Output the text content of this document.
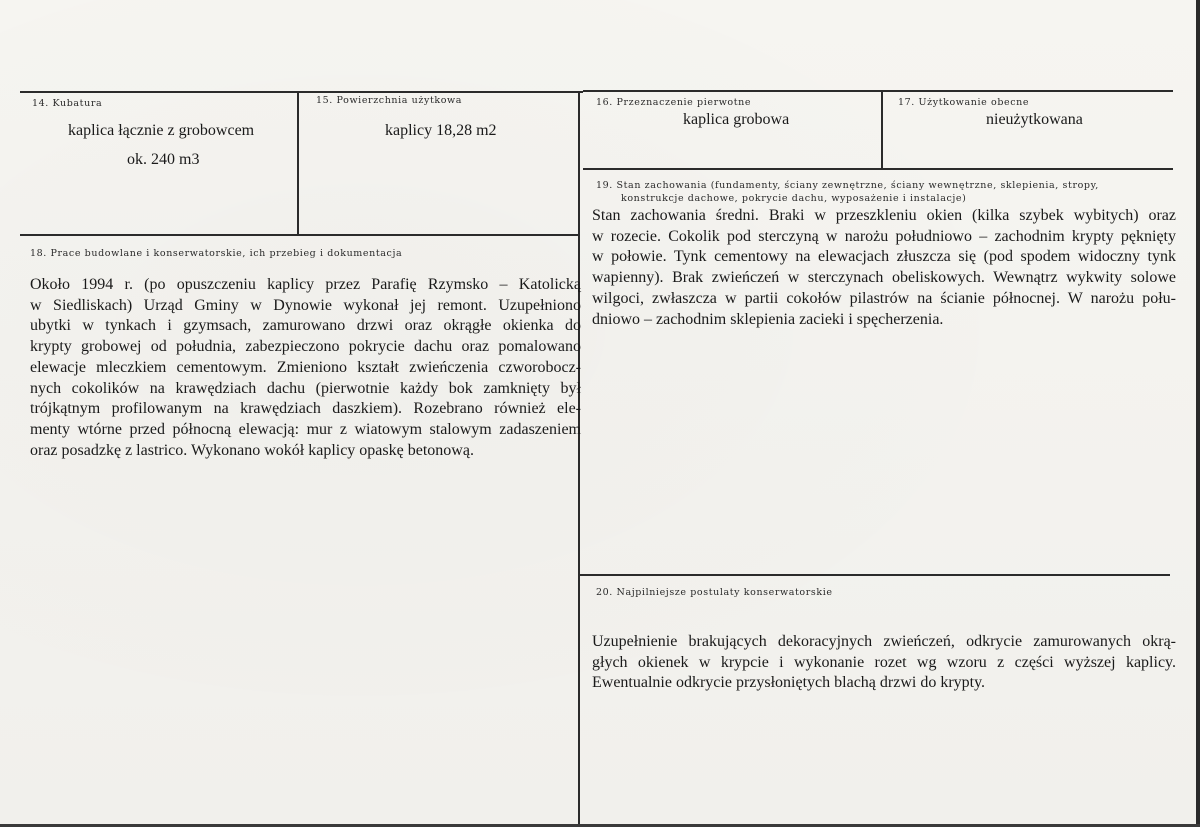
14. Kubatura
kaplica łącznie z grobowcem
ok. 240 m3
15. Powierzchnia użytkowa
kaplicy 18,28 m2
16. Przeznaczenie pierwotne
kaplica grobowa
17. Użytkowanie obecne
nieużytkowana
19. Stan zachowania (fundamenty, ściany zewnętrzne, ściany wewnętrzne, sklepienia, stropy,
konstrukcje dachowe, pokrycie dachu, wyposażenie i instalacje)
Stan zachowania średni. Braki w przeszkleniu okien (kilka szybek wybitych) oraz
w rozecie. Cokolik pod sterczyną w narożu południowo – zachodnim krypty pęknięty
w połowie. Tynk cementowy na elewacjach złuszcza się (pod spodem widoczny tynk
wapienny). Brak zwieńczeń w sterczynach obeliskowych. Wewnątrz wykwity solowe
wilgoci, zwłaszcza w partii cokołów pilastrów na ścianie północnej. W narożu połu-
dniowo – zachodnim sklepienia zacieki i spęcherzenia.
18. Prace budowlane i konserwatorskie, ich przebieg i dokumentacja
Około 1994 r. (po opuszczeniu kaplicy przez Parafię Rzymsko – Katolicką
w Siedliskach) Urząd Gminy w Dynowie wykonał jej remont. Uzupełniono
ubytki w tynkach i gzymsach, zamurowano drzwi oraz okrągłe okienka do
krypty grobowej od południa, zabezpieczono pokrycie dachu oraz pomalowano
elewacje mleczkiem cementowym. Zmieniono kształt zwieńczenia czworobocz-
nych cokolików na krawędziach dachu (pierwotnie każdy bok zamknięty był
trójkątnym profilowanym na krawędziach daszkiem). Rozebrano również ele-
menty wtórne przed północną elewacją: mur z wiatowym stalowym zadaszeniem
oraz posadzkę z lastrico. Wykonano wokół kaplicy opaskę betonową.
20. Najpilniejsze postulaty konserwatorskie
Uzupełnienie brakujących dekoracyjnych zwieńczeń, odkrycie zamurowanych okrą-
głych okienek w krypcie i wykonanie rozet wg wzoru z części wyższej kaplicy.
Ewentualnie odkrycie przysłoniętych blachą drzwi do krypty.
